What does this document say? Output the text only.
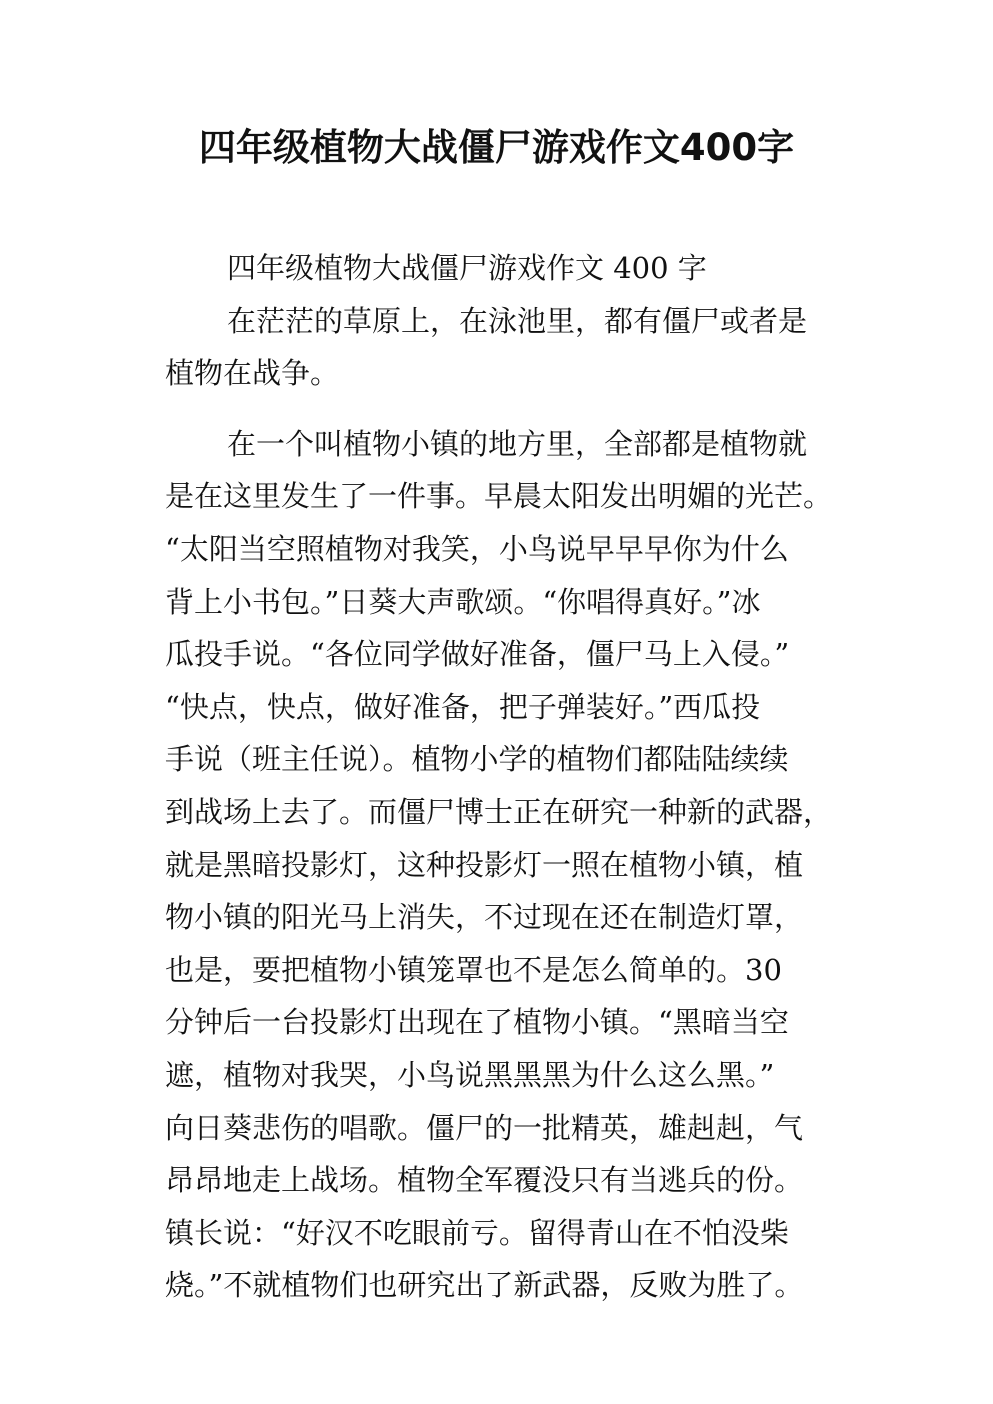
四年级植物大战僵尸游戏作文400字
四年级植物大战僵尸游戏作文 400 字
在茫茫的草原上，在泳池里，都有僵尸或者是
植物在战争。
在一个叫植物小镇的地方里，全部都是植物就
是在这里发生了一件事。早晨太阳发出明媚的光芒。
“太阳当空照植物对我笑，小鸟说早早早你为什么
背上小书包。”日葵大声歌颂。“你唱得真好。”冰
瓜投手说。“各位同学做好准备，僵尸马上入侵。”
“快点，快点，做好准备，把子弹装好。”西瓜投
手说（班主任说）。植物小学的植物们都陆陆续续
到战场上去了。而僵尸博士正在研究一种新的武器，
就是黑暗投影灯，这种投影灯一照在植物小镇，植
物小镇的阳光马上消失，不过现在还在制造灯罩，
也是，要把植物小镇笼罩也不是怎么简单的。30
分钟后一台投影灯出现在了植物小镇。“黑暗当空
遮，植物对我哭，小鸟说黑黑黑为什么这么黑。”
向日葵悲伤的唱歌。僵尸的一批精英，雄赳赳，气
昂昂地走上战场。植物全军覆没只有当逃兵的份。
镇长说：“好汉不吃眼前亏。留得青山在不怕没柴
烧。”不就植物们也研究出了新武器，反败为胜了。
